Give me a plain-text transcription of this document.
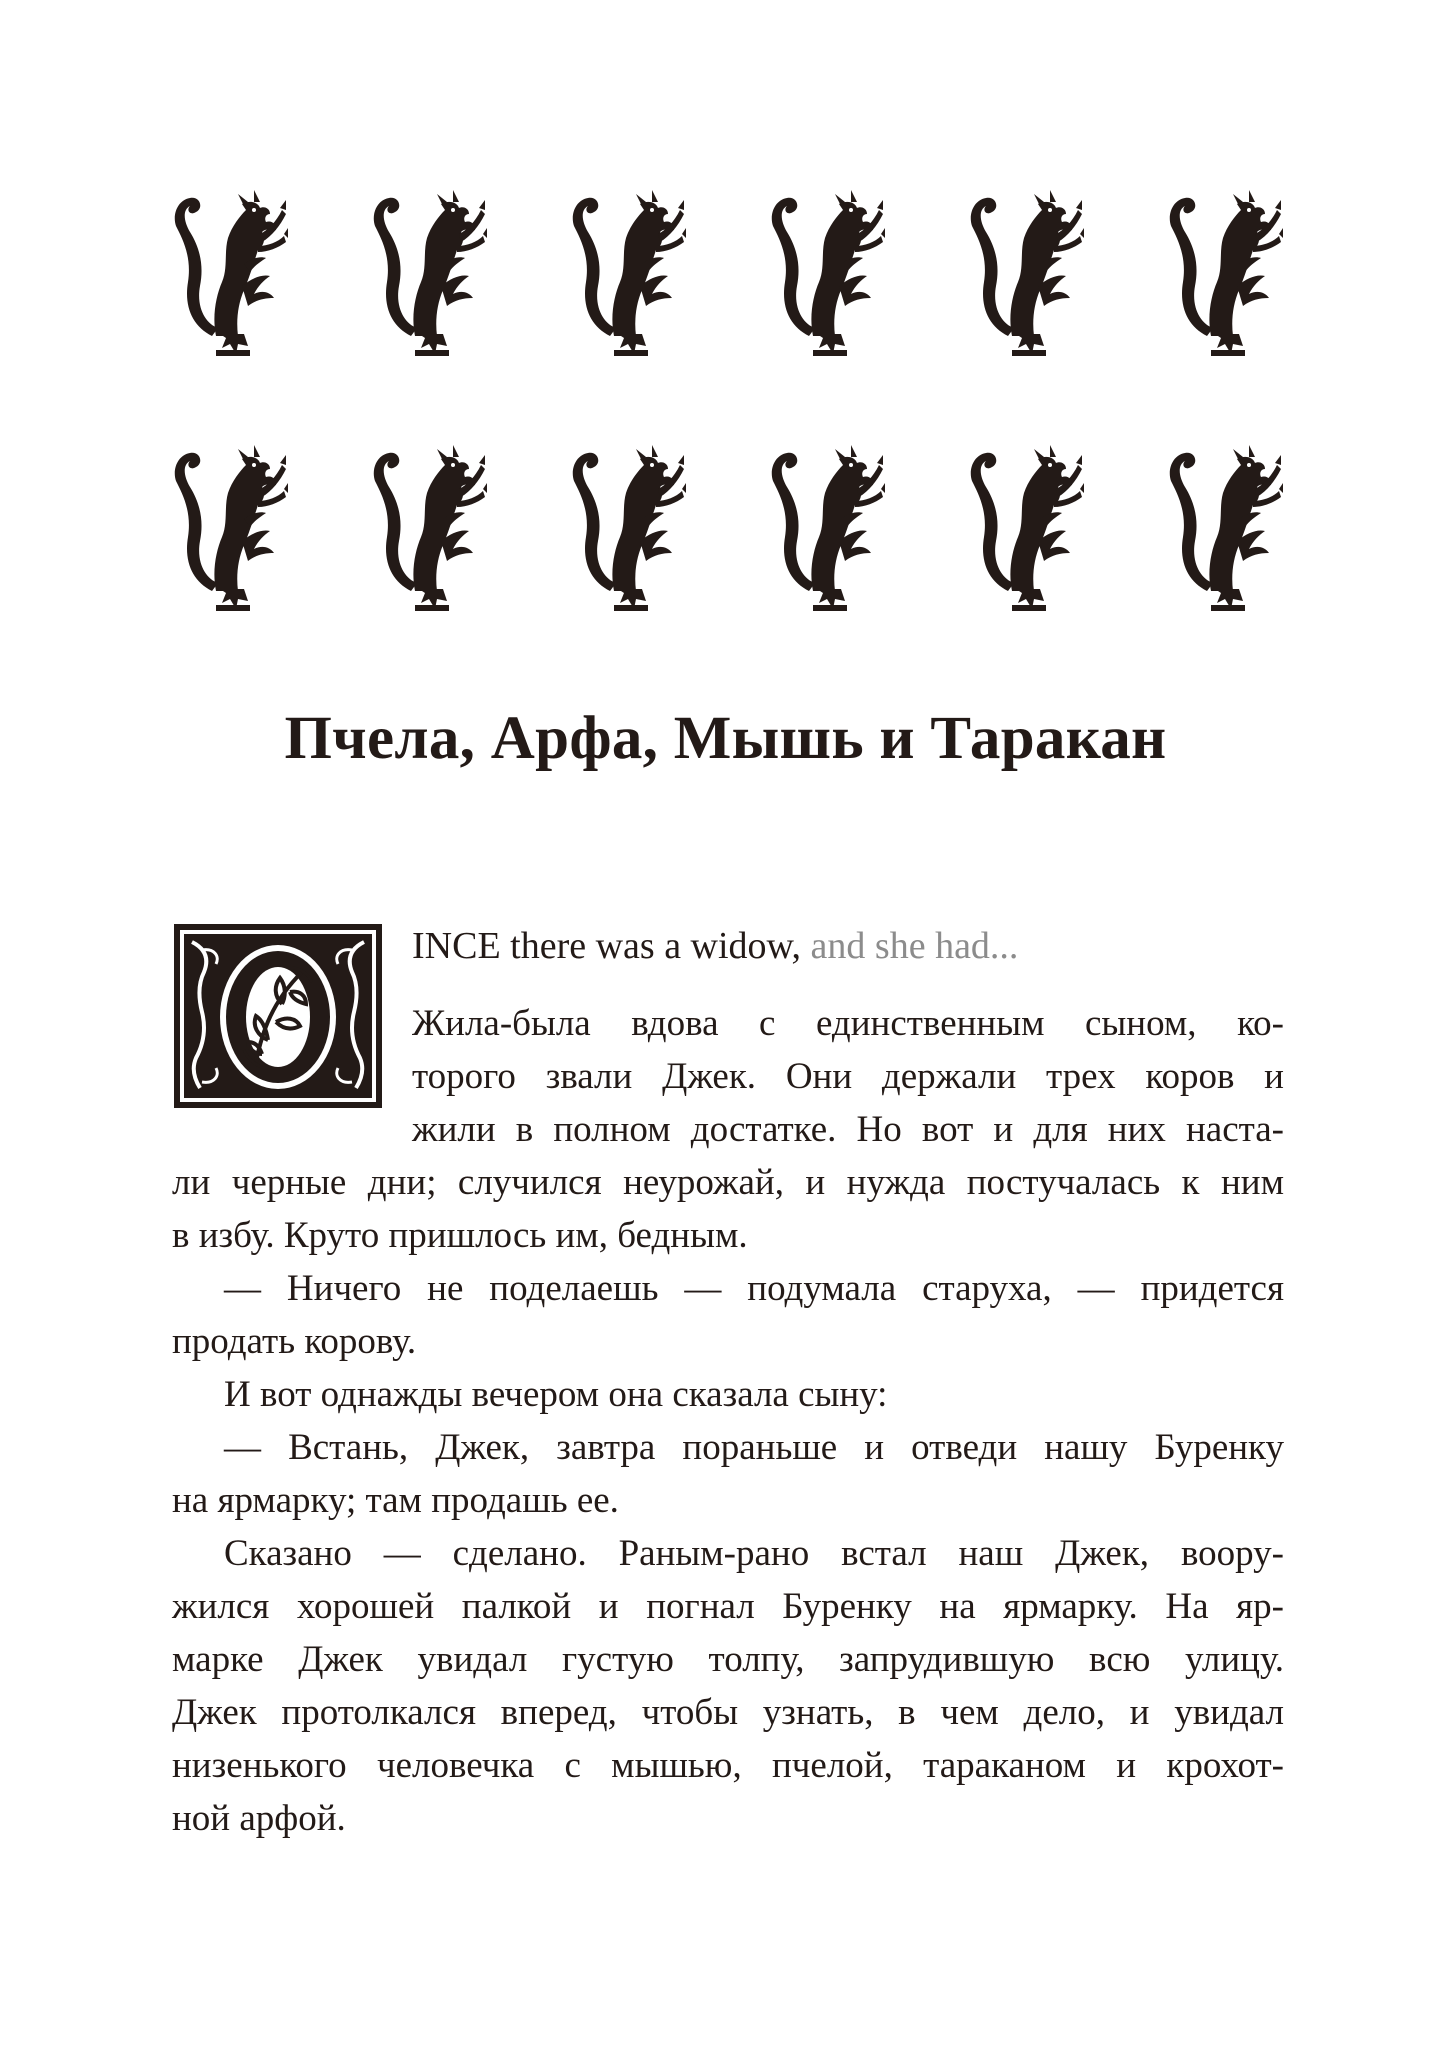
Пчела, Арфа, Мышь и Таракан
INCE there was a widow, and she had...
Жила-была вдова с единственным сыном, ко-
торого звали Джек. Они держали трех коров и
жили в полном достатке. Но вот и для них наста-
ли черные дни; случился неурожай, и нужда постучалась к ним
в избу. Круто пришлось им, бедным.
— Ничего не поделаешь — подумала старуха, — придется
продать корову.
И вот однажды вечером она сказала сыну:
— Встань, Джек, завтра пораньше и отведи нашу Буренку
на ярмарку; там продашь ее.
Сказано — сделано. Раным-рано встал наш Джек, воору-
жился хорошей палкой и погнал Буренку на ярмарку. На яр-
марке Джек увидал густую толпу, запрудившую всю улицу.
Джек протолкался вперед, чтобы узнать, в чем дело, и увидал
низенького человечка с мышью, пчелой, тараканом и крохот-
ной арфой.
